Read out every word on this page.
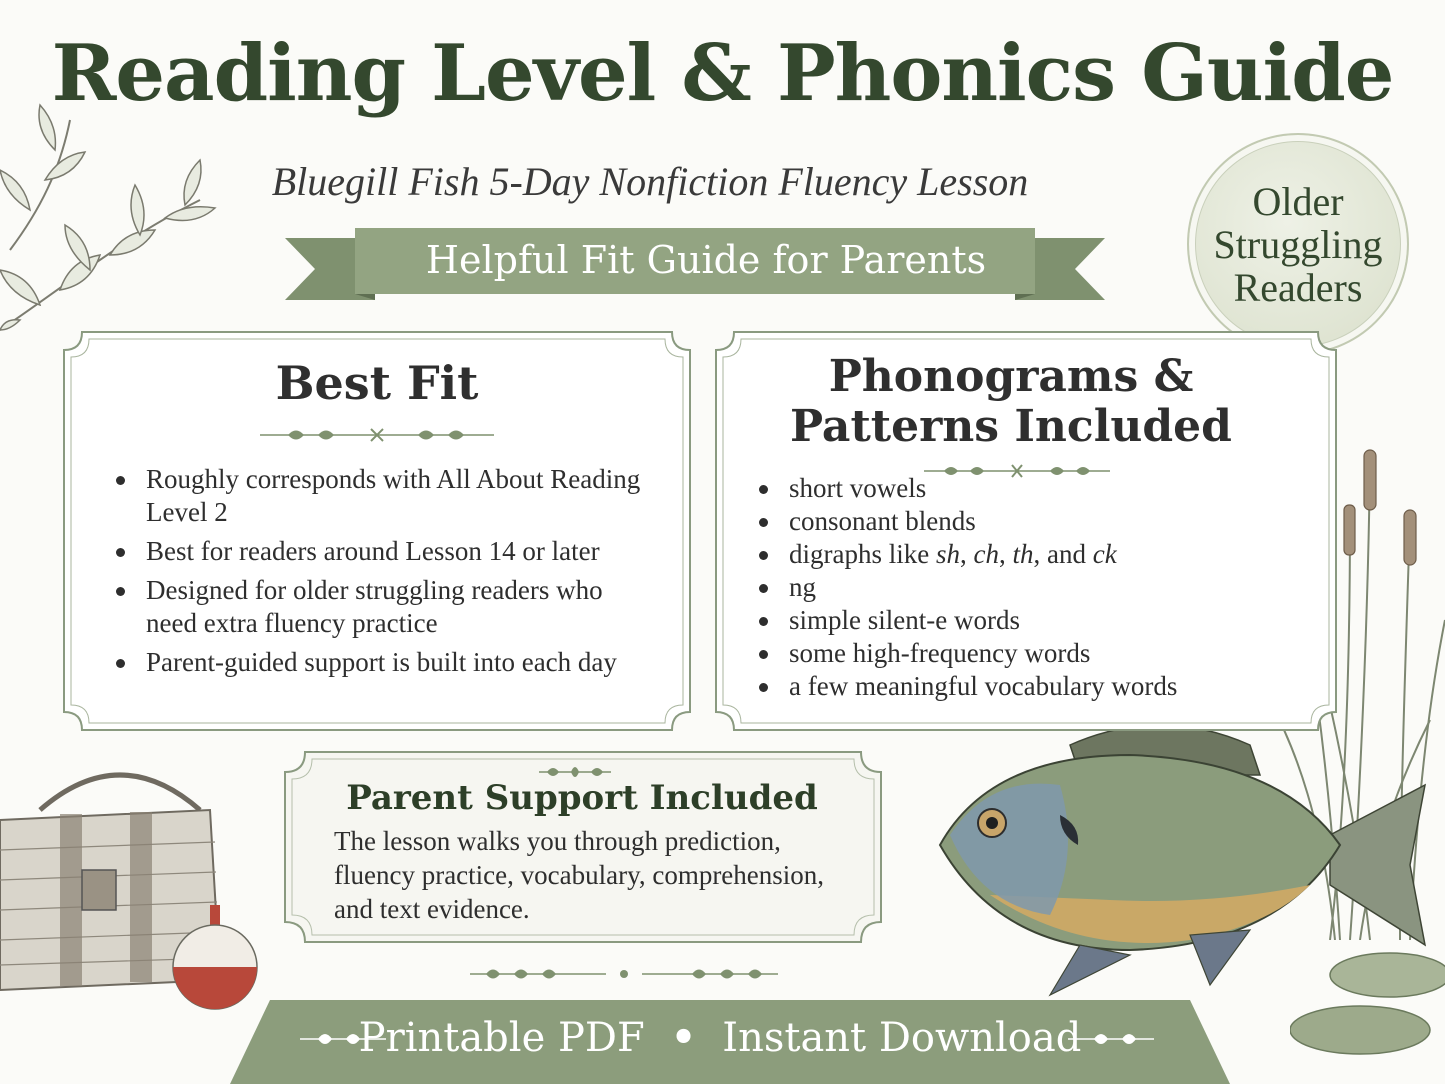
Reading Level & Phonics Guide
Bluegill Fish 5-Day Nonfiction Fluency Lesson
Helpful Fit Guide for Parents
Older
Struggling
Readers
Best Fit
Roughly corresponds with All About Reading Level 2
Best for readers around Lesson 14 or later
Designed for older struggling readers who need extra fluency practice
Parent-guided support is built into each day
Phonograms &
Patterns Included
short vowels
consonant blends
digraphs like sh, ch, th, and ck
ng
simple silent-e words
some high-frequency words
a few meaningful vocabulary words
Parent Support Included
The lesson walks you through prediction, fluency practice, vocabulary, comprehension, and text evidence.
Printable PDF • Instant Download
